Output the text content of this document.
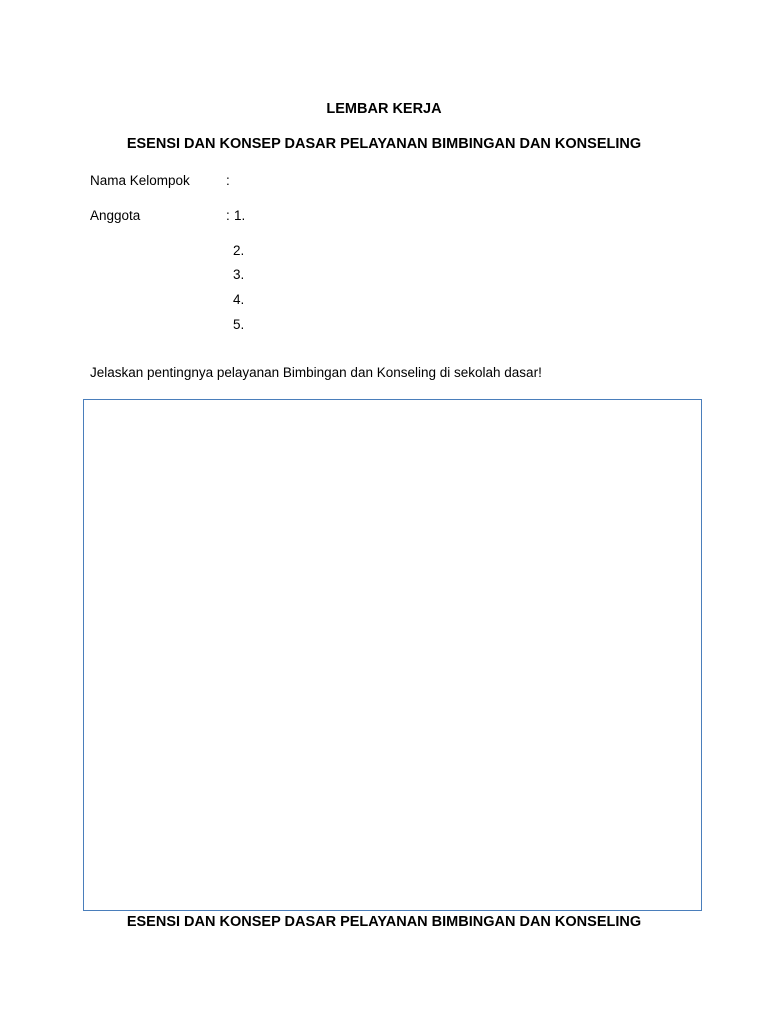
LEMBAR KERJA
ESENSI DAN KONSEP DASAR PELAYANAN BIMBINGAN DAN KONSELING
Nama Kelompok	:
Anggota	: 1.
2.
3.
4.
5.

Jelaskan pentingnya pelayanan Bimbingan dan Konseling di sekolah dasar!

ESENSI DAN KONSEP DASAR PELAYANAN BIMBINGAN DAN KONSELING
